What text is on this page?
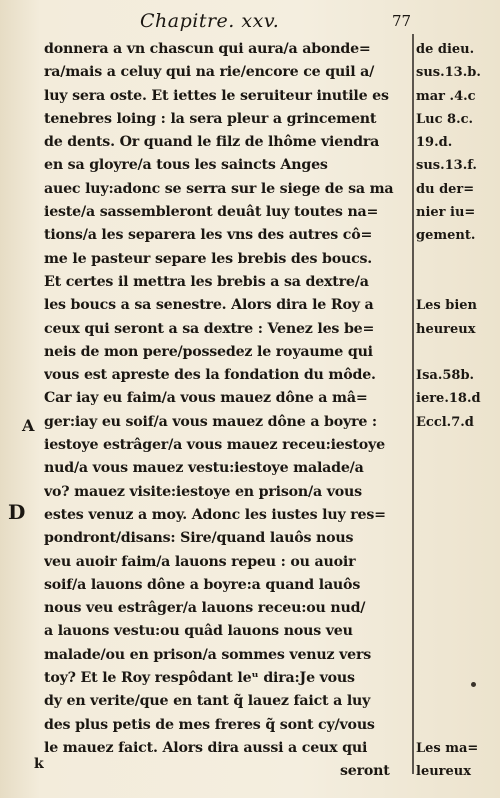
Chapitre. xxv.	77
A
D
donnera a vn chascun qui aura/a abonde=
ra/mais a celuy qui na rie/encore ce quil a/
luy sera oste. Et iettes le seruiteur inutile es
tenebres loing : la sera pleur a grincement
de dents. Or quand le filz de lhôme viendra
en sa gloyre/a tous les saincts Anges
auec luy:adonc se serra sur le siege de sa ma
ieste/a sassembleront deuât luy toutes na=
tions/a les separera les vns des autres cô=
me le pasteur separe les brebis des boucs.
Et certes il mettra les brebis a sa dextre/a
les boucs a sa senestre. Alors dira le Roy a
ceux qui seront a sa dextre : Venez les be=
neis de mon pere/possedez le royaume qui
vous est aprestе des la fondation du môde.
Car iay eu faim/a vous mauez dône a mâ=
ger:iay eu soif/a vous mauez dône a boyre :
iestoye estrâger/a vous mauez receu:iestoye
nud/a vous mauez vestu:iestoye malade/a
vo? mauez visite:iestoye en prison/a vous
estes venuz a moy. Adonc les iustes luy res=
pondront/disans: Sire/quand lauôs nous
veu auoir faim/a lauons repeu : ou auoir
soif/a lauons dône a boyre:a quand lauôs
nous veu estrâger/a lauons receu:ou nud/
a lauons vestu:ou quâd lauons nous veu
malade/ou en prison/a sommes venuz vers
toy? Et le Roy respôdant leᵘ dira:Je vous
dy en verite/que en tant q̃ lauez faict a luy
des plus petis de mes freres q̃ sont cy/vous
le mauez faict. Alors dira aussi a ceux qui
seront
de dieu.
sus.13.b.
mar .4.c
Luc 8.c.
19.d.
sus.13.f.
du der=
nier iu=
gement.
Les bien
heureux
Isa.58b.
iere.18.d
Eccl.7.d
Les ma=
leureux
k
